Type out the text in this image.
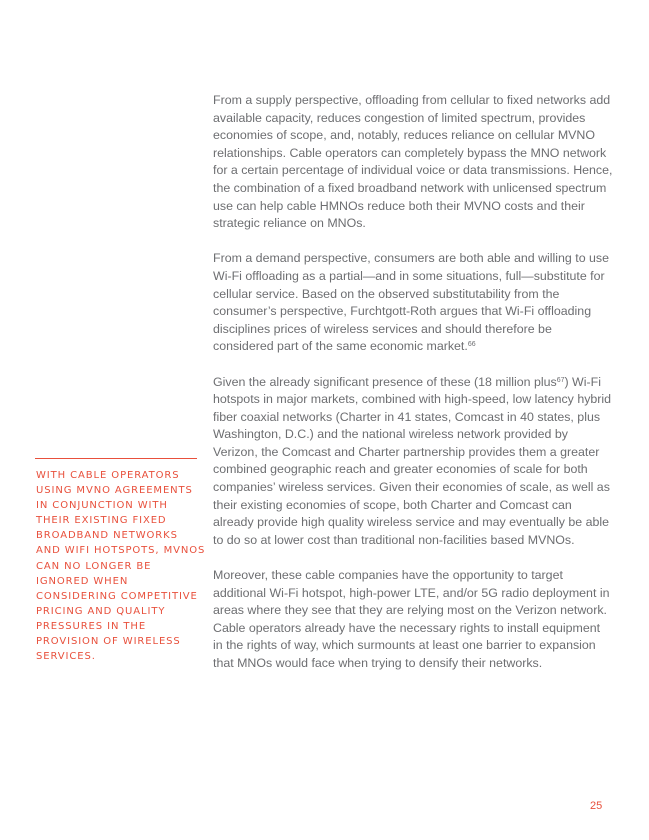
WITH CABLE OPERATORS USING MVNO AGREEMENTS IN CONJUNCTION WITH THEIR EXISTING FIXED BROADBAND NETWORKS AND WIFI HOTSPOTS, MVNOS CAN NO LONGER BE IGNORED WHEN CONSIDERING COMPETITIVE PRICING AND QUALITY PRESSURES IN THE PROVISION OF WIRELESS SERVICES.

From a supply perspective, offloading from cellular to fixed networks add available capacity, reduces congestion of limited spectrum, provides economies of scope, and, notably, reduces reliance on cellular MVNO relationships. Cable operators can completely bypass the MNO network for a certain percentage of individual voice or data transmissions. Hence, the combination of a fixed broadband network with unlicensed spectrum use can help cable HMNOs reduce both their MVNO costs and their strategic reliance on MNOs.

From a demand perspective, consumers are both able and willing to use Wi-Fi offloading as a partial—and in some situations, full—substitute for cellular service. Based on the observed substitutability from the consumer’s perspective, Furchtgott-Roth argues that Wi-Fi offloading disciplines prices of wireless services and should therefore be considered part of the same economic market.$^{66}$

Given the already significant presence of these (18 million plus$^{67}$) Wi-Fi hotspots in major markets, combined with high-speed, low latency hybrid fiber coaxial networks (Charter in 41 states, Comcast in 40 states, plus Washington, D.C.) and the national wireless network provided by Verizon, the Comcast and Charter partnership provides them a greater combined geographic reach and greater economies of scale for both companies’ wireless services. Given their economies of scale, as well as their existing economies of scope, both Charter and Comcast can already provide high quality wireless service and may eventually be able to do so at lower cost than traditional non-facilities based MVNOs.

Moreover, these cable companies have the opportunity to target additional Wi-Fi hotspot, high-power LTE, and/or 5G radio deployment in areas where they see that they are relying most on the Verizon network. Cable operators already have the necessary rights to install equipment in the rights of way, which surmounts at least one barrier to expansion that MNOs would face when trying to densify their networks.

25
